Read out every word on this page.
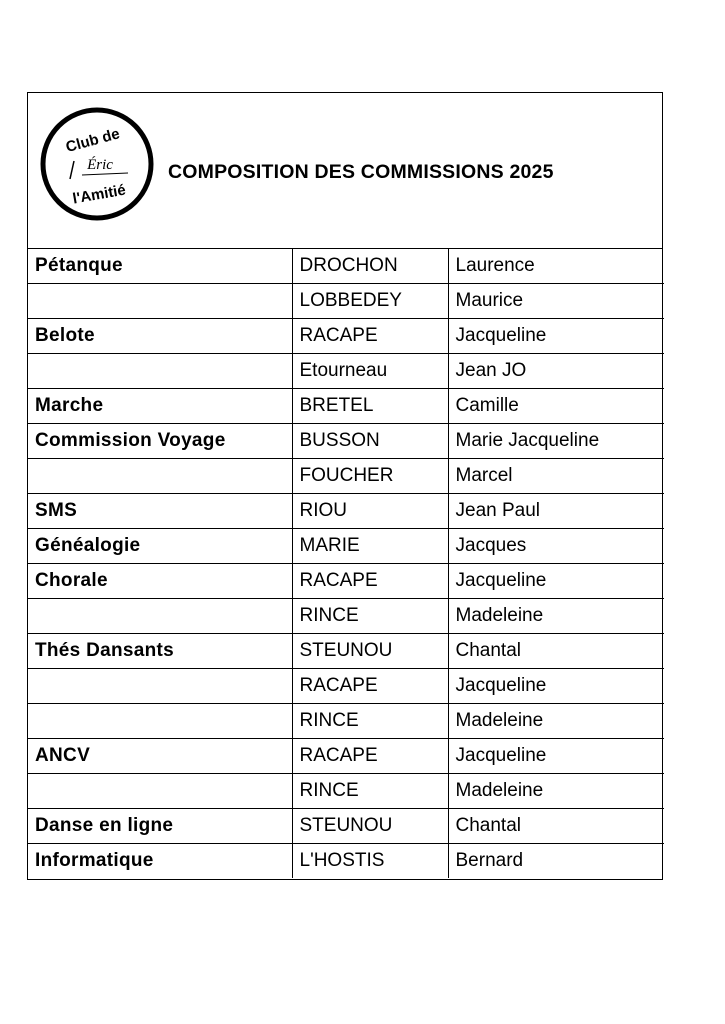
Club de
Éric
l'Amitié
COMPOSITION DES COMMISSIONS 2025
Pétanque	DROCHON	Laurence
	LOBBEDEY	Maurice
Belote	RACAPE	Jacqueline
	Etourneau	Jean JO
Marche	BRETEL	Camille
Commission Voyage	BUSSON	Marie Jacqueline
	FOUCHER	Marcel
SMS	RIOU	Jean Paul
Généalogie	MARIE	Jacques
Chorale	RACAPE	Jacqueline
	RINCE	Madeleine
Thés Dansants	STEUNOU	Chantal
	RACAPE	Jacqueline
	RINCE	Madeleine
ANCV	RACAPE	Jacqueline
	RINCE	Madeleine
Danse en ligne	STEUNOU	Chantal
Informatique	L'HOSTIS	Bernard
